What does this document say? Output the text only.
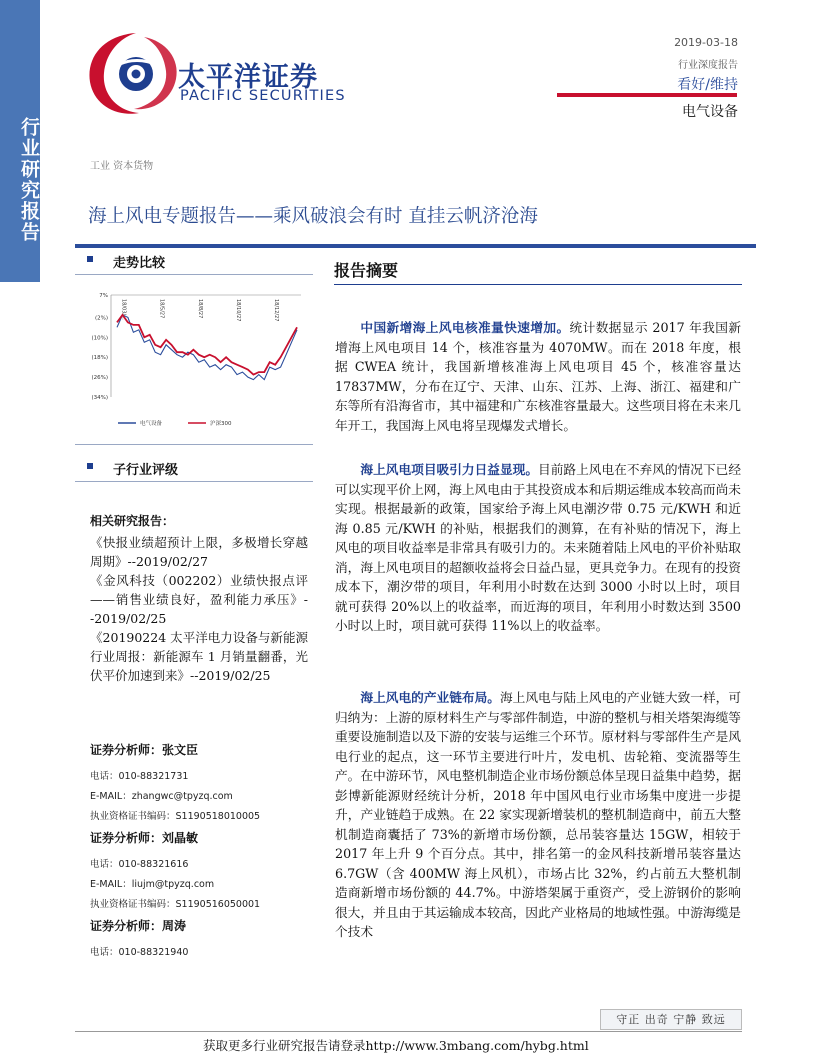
行业研究报告
太平洋证券
PACIFIC SECURITIES
2019-03-18
行业深度报告
看好/维持
电气设备
工业 资本货物
海上风电专题报告——乘风破浪会有时 直挂云帆济沧海
走势比较
子行业评级
7%
(2%)
(10%)
(18%)
(26%)
(34%)
18/03/...	18/5/27	18/8/27	18/10/27	18/12/27
电气设备	沪深300
相关研究报告：
《快报业绩超预计上限，多极增长穿越周期》--2019/02/27
《金风科技（002202）业绩快报点评——销售业绩良好，盈利能力承压》--2019/02/25
《20190224 太平洋电力设备与新能源行业周报：新能源车 1 月销量翻番，光伏平价加速到来》--2019/02/25
证券分析师：张文臣
电话：010-88321731
E-MAIL：zhangwc@tpyzq.com
执业资格证书编码：S1190518010005
证券分析师：刘晶敏
电话：010-88321616
E-MAIL：liujm@tpyzq.com
执业资格证书编码：S1190516050001
证券分析师：周涛
电话：010-88321940
报告摘要
中国新增海上风电核准量快速增加。统计数据显示 2017 年我国新增海上风电项目 14 个，核准容量为 4070MW。而在 2018 年度，根据 CWEA 统计，我国新增核准海上风电项目 45 个，核准容量达 17837MW，分布在辽宁、天津、山东、江苏、上海、浙江、福建和广东等所有沿海省市，其中福建和广东核准容量最大。这些项目将在未来几年开工，我国海上风电将呈现爆发式增长。
海上风电项目吸引力日益显现。目前路上风电在不弃风的情况下已经可以实现平价上网，海上风电由于其投资成本和后期运维成本较高而尚未实现。根据最新的政策，国家给予海上风电潮汐带 0.75 元/KWH 和近海 0.85 元/KWH 的补贴，根据我们的测算，在有补贴的情况下，海上风电的项目收益率是非常具有吸引力的。未来随着陆上风电的平价补贴取消，海上风电项目的超额收益将会日益凸显，更具竞争力。在现有的投资成本下，潮汐带的项目，年利用小时数在达到 3000 小时以上时，项目就可获得 20%以上的收益率，而近海的项目，年利用小时数达到 3500 小时以上时，项目就可获得 11%以上的收益率。
海上风电的产业链布局。海上风电与陆上风电的产业链大致一样，可归纳为：上游的原材料生产与零部件制造，中游的整机与相关塔架海缆等重要设施制造以及下游的安装与运维三个环节。原材料与零部件生产是风电行业的起点，这一环节主要进行叶片，发电机、齿轮箱、变流器等生产。在中游环节，风电整机制造企业市场份额总体呈现日益集中趋势，据彭博新能源财经统计分析，2018 年中国风电行业市场集中度进一步提升，产业链趋于成熟。在 22 家实现新增装机的整机制造商中，前五大整机制造商囊括了 73%的新增市场份额，总吊装容量达 15GW，相较于 2017 年上升 9 个百分点。其中，排名第一的金风科技新增吊装容量达 6.7GW（含 400MW 海上风机），市场占比 32%，约占前五大整机制造商新增市场份额的 44.7%。中游塔架属于重资产，受上游钢价的影响很大，并且由于其运输成本较高，因此产业格局的地域性强。中游海缆是个技术
守正 出奇 宁静 致远
获取更多行业研究报告请登录http://www.3mbang.com/hybg.html
